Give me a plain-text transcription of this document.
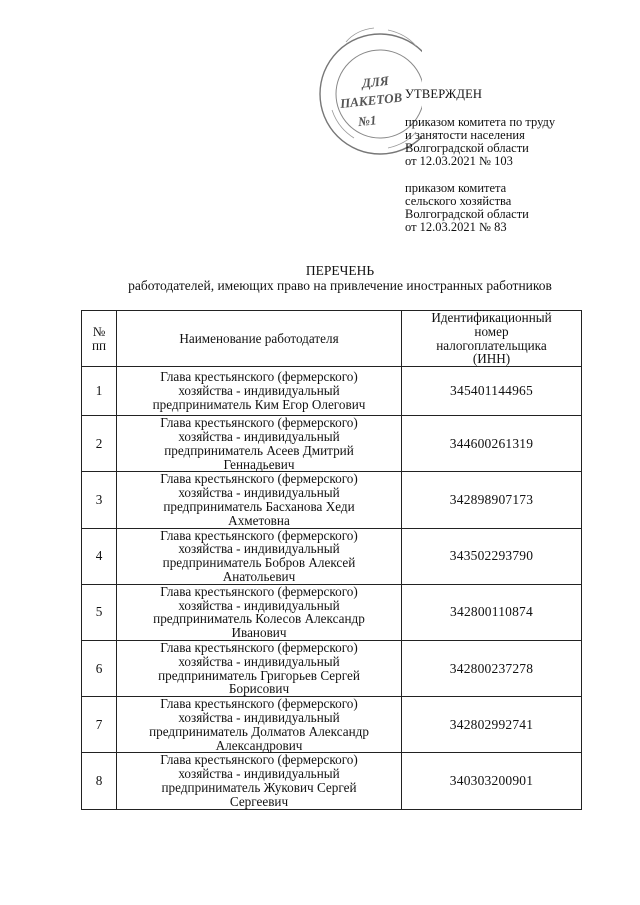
ДЛЯ
ПАКЕТОВ
№1
УТВЕРЖДЕН
приказом комитета по труду
и занятости населения
Волгоградской области
от 12.03.2021 № 103
приказом комитета
сельского хозяйства
Волгоградской области
от 12.03.2021 № 83
ПЕРЕЧЕНЬ
работодателей, имеющих право на привлечение иностранных работников
№
пп	Наименование работодателя	Идентификационный
номер
налогоплательщика
(ИНН)

1	Глава крестьянского (фермерского)
хозяйства - индивидуальный
предприниматель Ким Егор Олегович	345401144965
2	Глава крестьянского (фермерского)
хозяйства - индивидуальный
предприниматель Асеев Дмитрий
Геннадьевич	344600261319
3	Глава крестьянского (фермерского)
хозяйства - индивидуальный
предприниматель Басханова Хеди
Ахметовна	342898907173
4	Глава крестьянского (фермерского)
хозяйства - индивидуальный
предприниматель Бобров Алексей
Анатольевич	343502293790
5	Глава крестьянского (фермерского)
хозяйства - индивидуальный
предприниматель Колесов Александр
Иванович	342800110874
6	Глава крестьянского (фермерского)
хозяйства - индивидуальный
предприниматель Григорьев Сергей
Борисович	342800237278
7	Глава крестьянского (фермерского)
хозяйства - индивидуальный
предприниматель Долматов Александр
Александрович	342802992741
8	Глава крестьянского (фермерского)
хозяйства - индивидуальный
предприниматель Жукович Сергей
Сергеевич	340303200901
